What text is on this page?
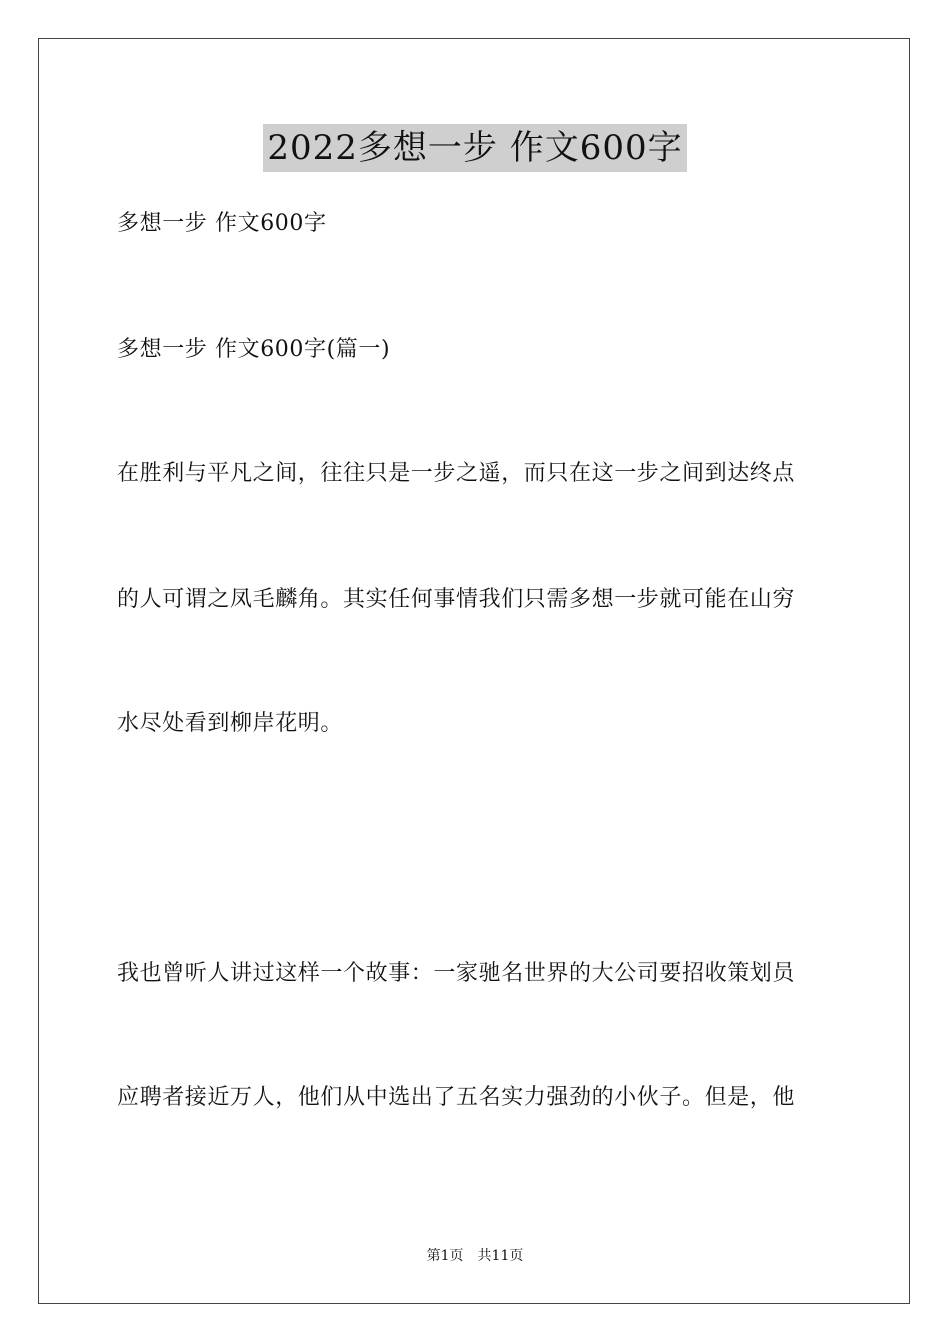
2022多想一步 作文600字
多想一步 作文600字
多想一步 作文600字(篇一)
在胜利与平凡之间，往往只是一步之遥，而只在这一步之间到达终点
的人可谓之凤毛麟角。其实任何事情我们只需多想一步就可能在山穷
水尽处看到柳岸花明。
我也曾听人讲过这样一个故事：一家驰名世界的大公司要招收策划员
应聘者接近万人，他们从中选出了五名实力强劲的小伙子。但是，他
第1页 共11页
